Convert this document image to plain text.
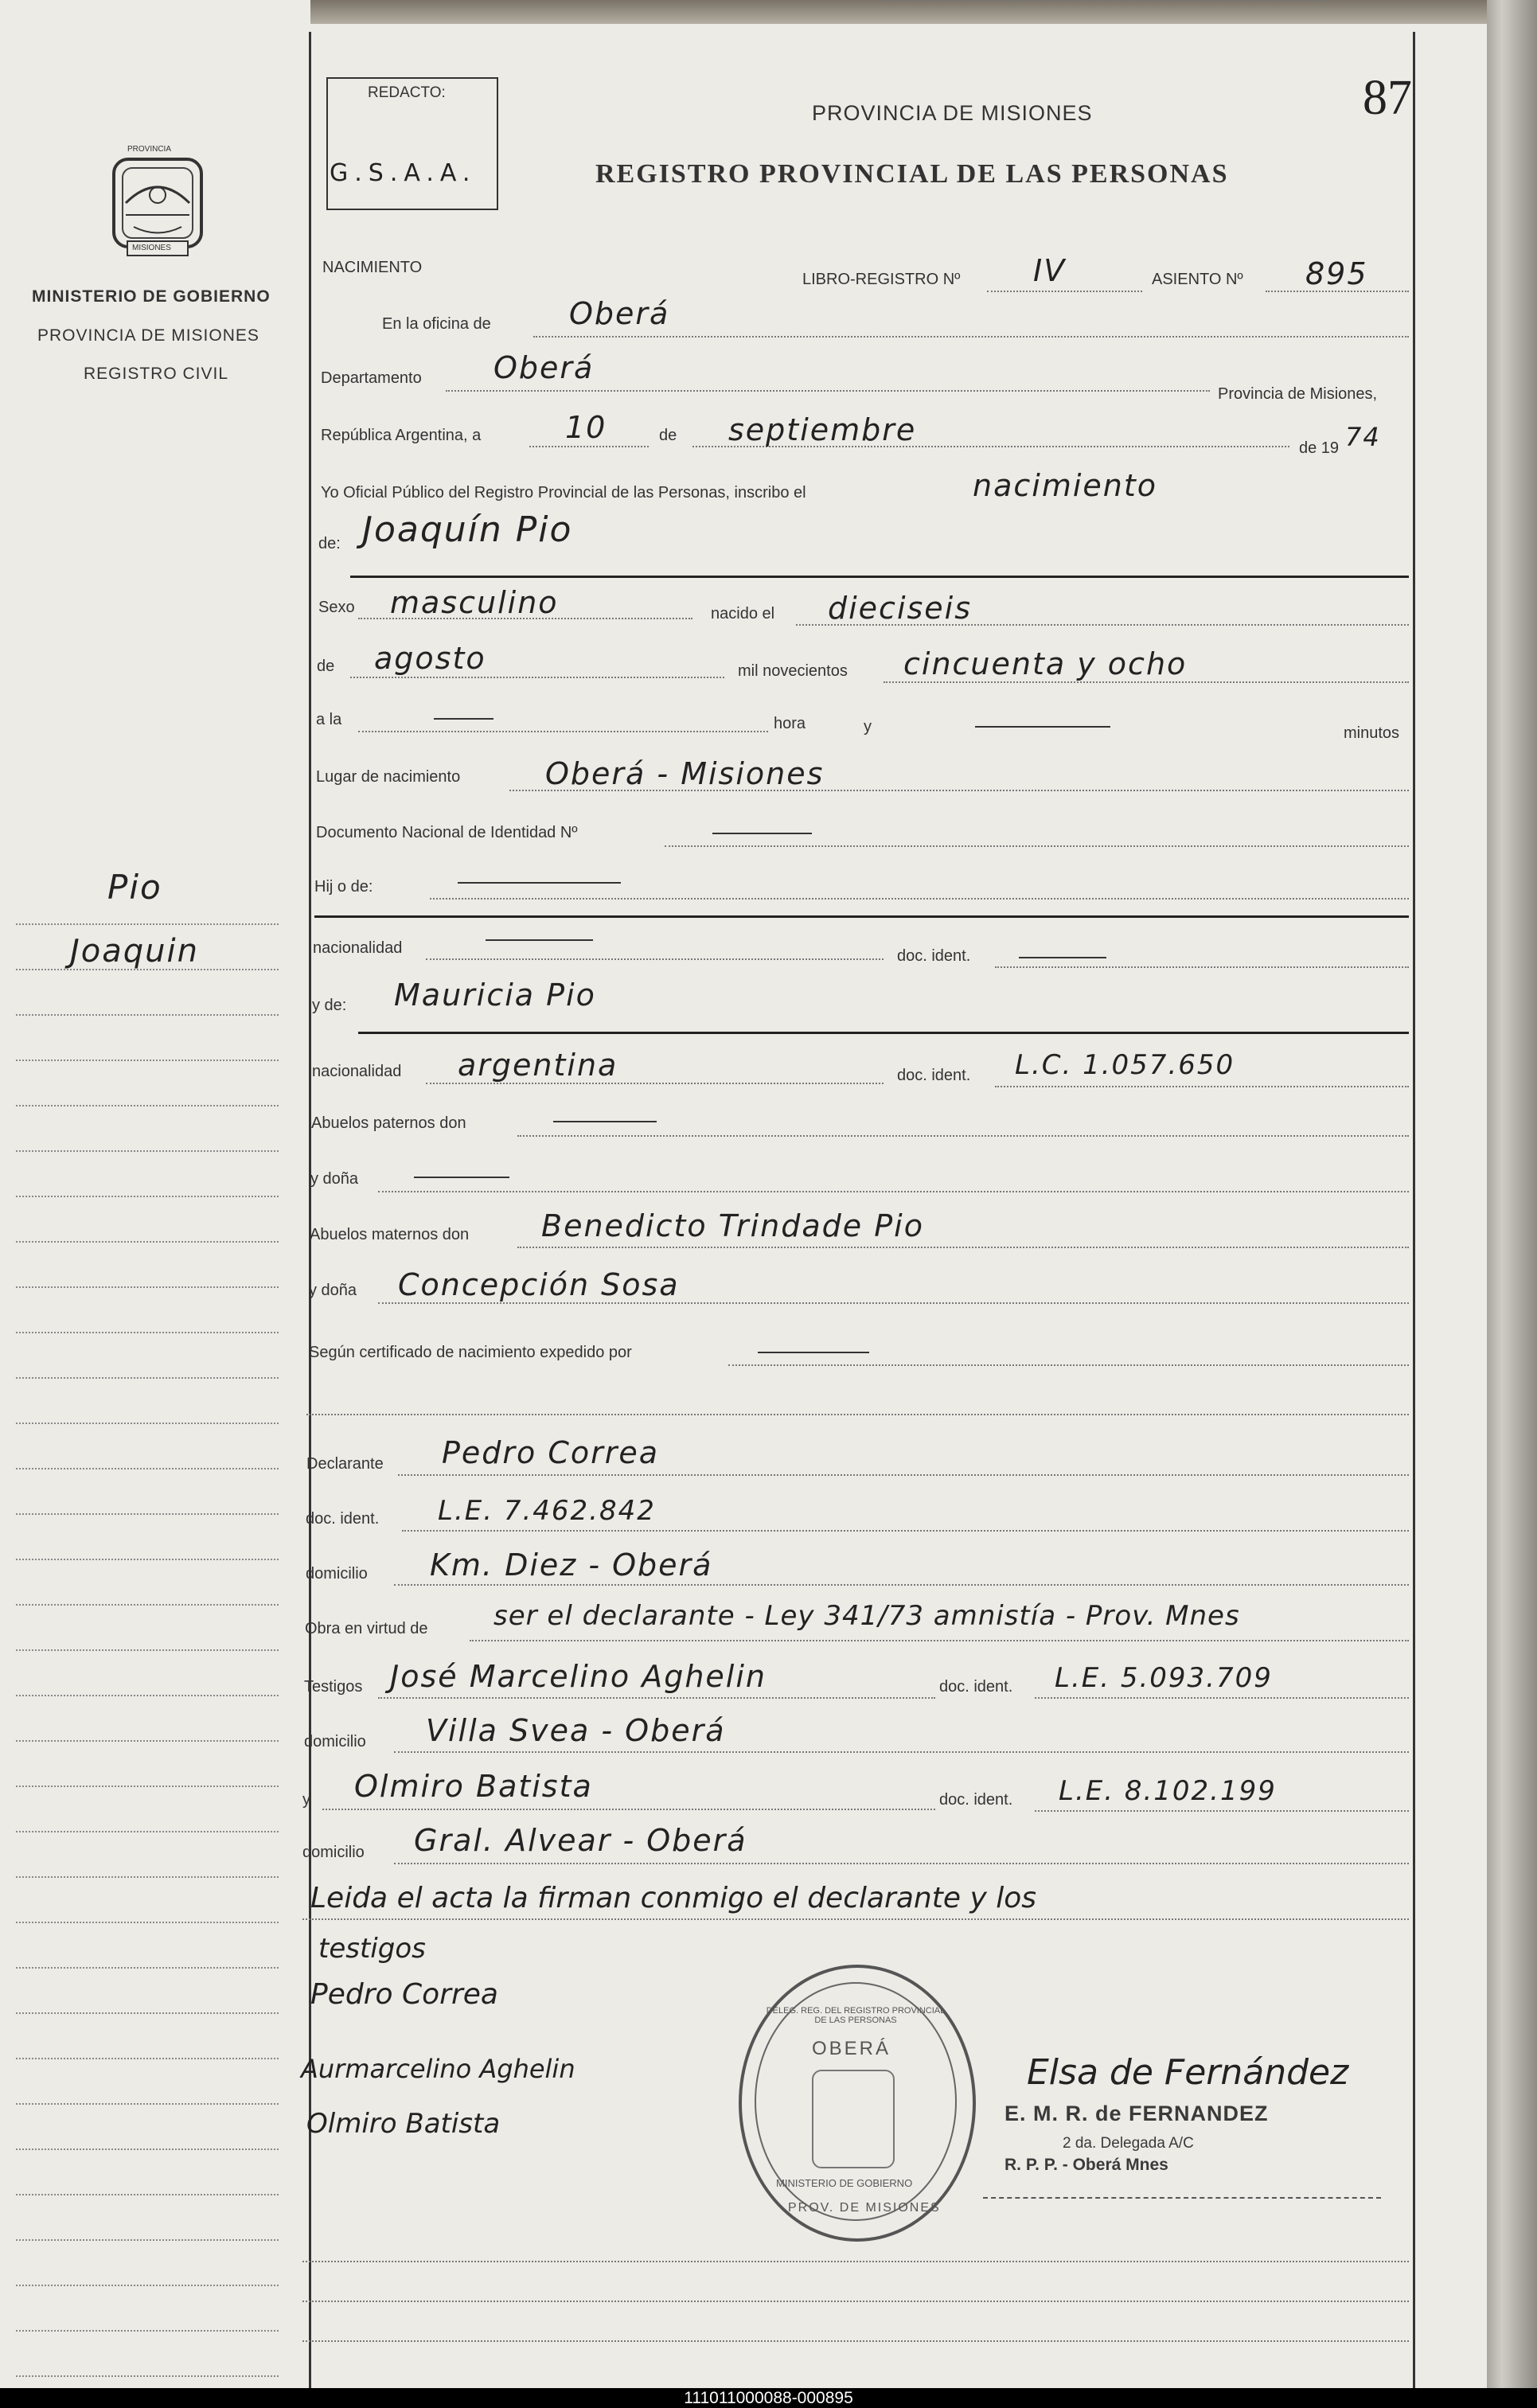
PROVINCIA
MISIONES
MINISTERIO DE GOBIERNO
PROVINCIA DE MISIONES
REGISTRO CIVIL
Pio
Joaquin
REDACTO:
G.S.A.A.
PROVINCIA DE MISIONES
REGISTRO PROVINCIAL DE LAS PERSONAS
87
NACIMIENTO
LIBRO-REGISTRO Nº IV	ASIENTO Nº 895
En la oficina de	Oberá
Departamento Oberá
Provincia de Misiones,
República Argentina, a	10	de septiembre
de 19 74
Yo Oficial Público del Registro Provincial de las Personas, inscribo el	nacimiento
de: Joaquín Pio
Sexo masculino	nacido el dieciseis
de agosto	mil novecientos cincuenta y ocho
a la	hora	y	minutos
Lugar de nacimiento	Oberá - Misiones
Documento Nacional de Identidad Nº
Hij o de:
nacionalidad	doc. ident.
y de: Mauricia Pio
nacionalidad argentina	doc. ident. L.C. 1.057.650
Abuelos paternos don
y doña
Abuelos maternos don Benedicto Trindade Pio
y doña Concepción Sosa
Según certificado de nacimiento expedido por
Declarante Pedro Correa
doc. ident. L.E. 7.462.842
domicilio Km. Diez - Oberá
Obra en virtud de ser el declarante - Ley 341/73 amnistía - Prov. Mnes
Testigos José Marcelino Aghelin	doc. ident. L.E. 5.093.709
domicilio Villa Svea - Oberá
y Olmiro Batista	doc. ident. L.E. 8.102.199
domicilio Gral. Alvear - Oberá
Leida el acta la firman conmigo el declarante y los
testigos
Pedro Correa
Aurmarcelino Aghelin
Olmiro Batista
DELEG. REG. DEL REGISTRO PROVINCIAL DE LAS PERSONAS
OBERÁ
MINISTERIO DE GOBIERNO
PROV. DE MISIONES
Elsa de Fernández
E. M. R. de FERNANDEZ
2 da. Delegada A/C
R. P. P. - Oberá Mnes
111011000088-000895
